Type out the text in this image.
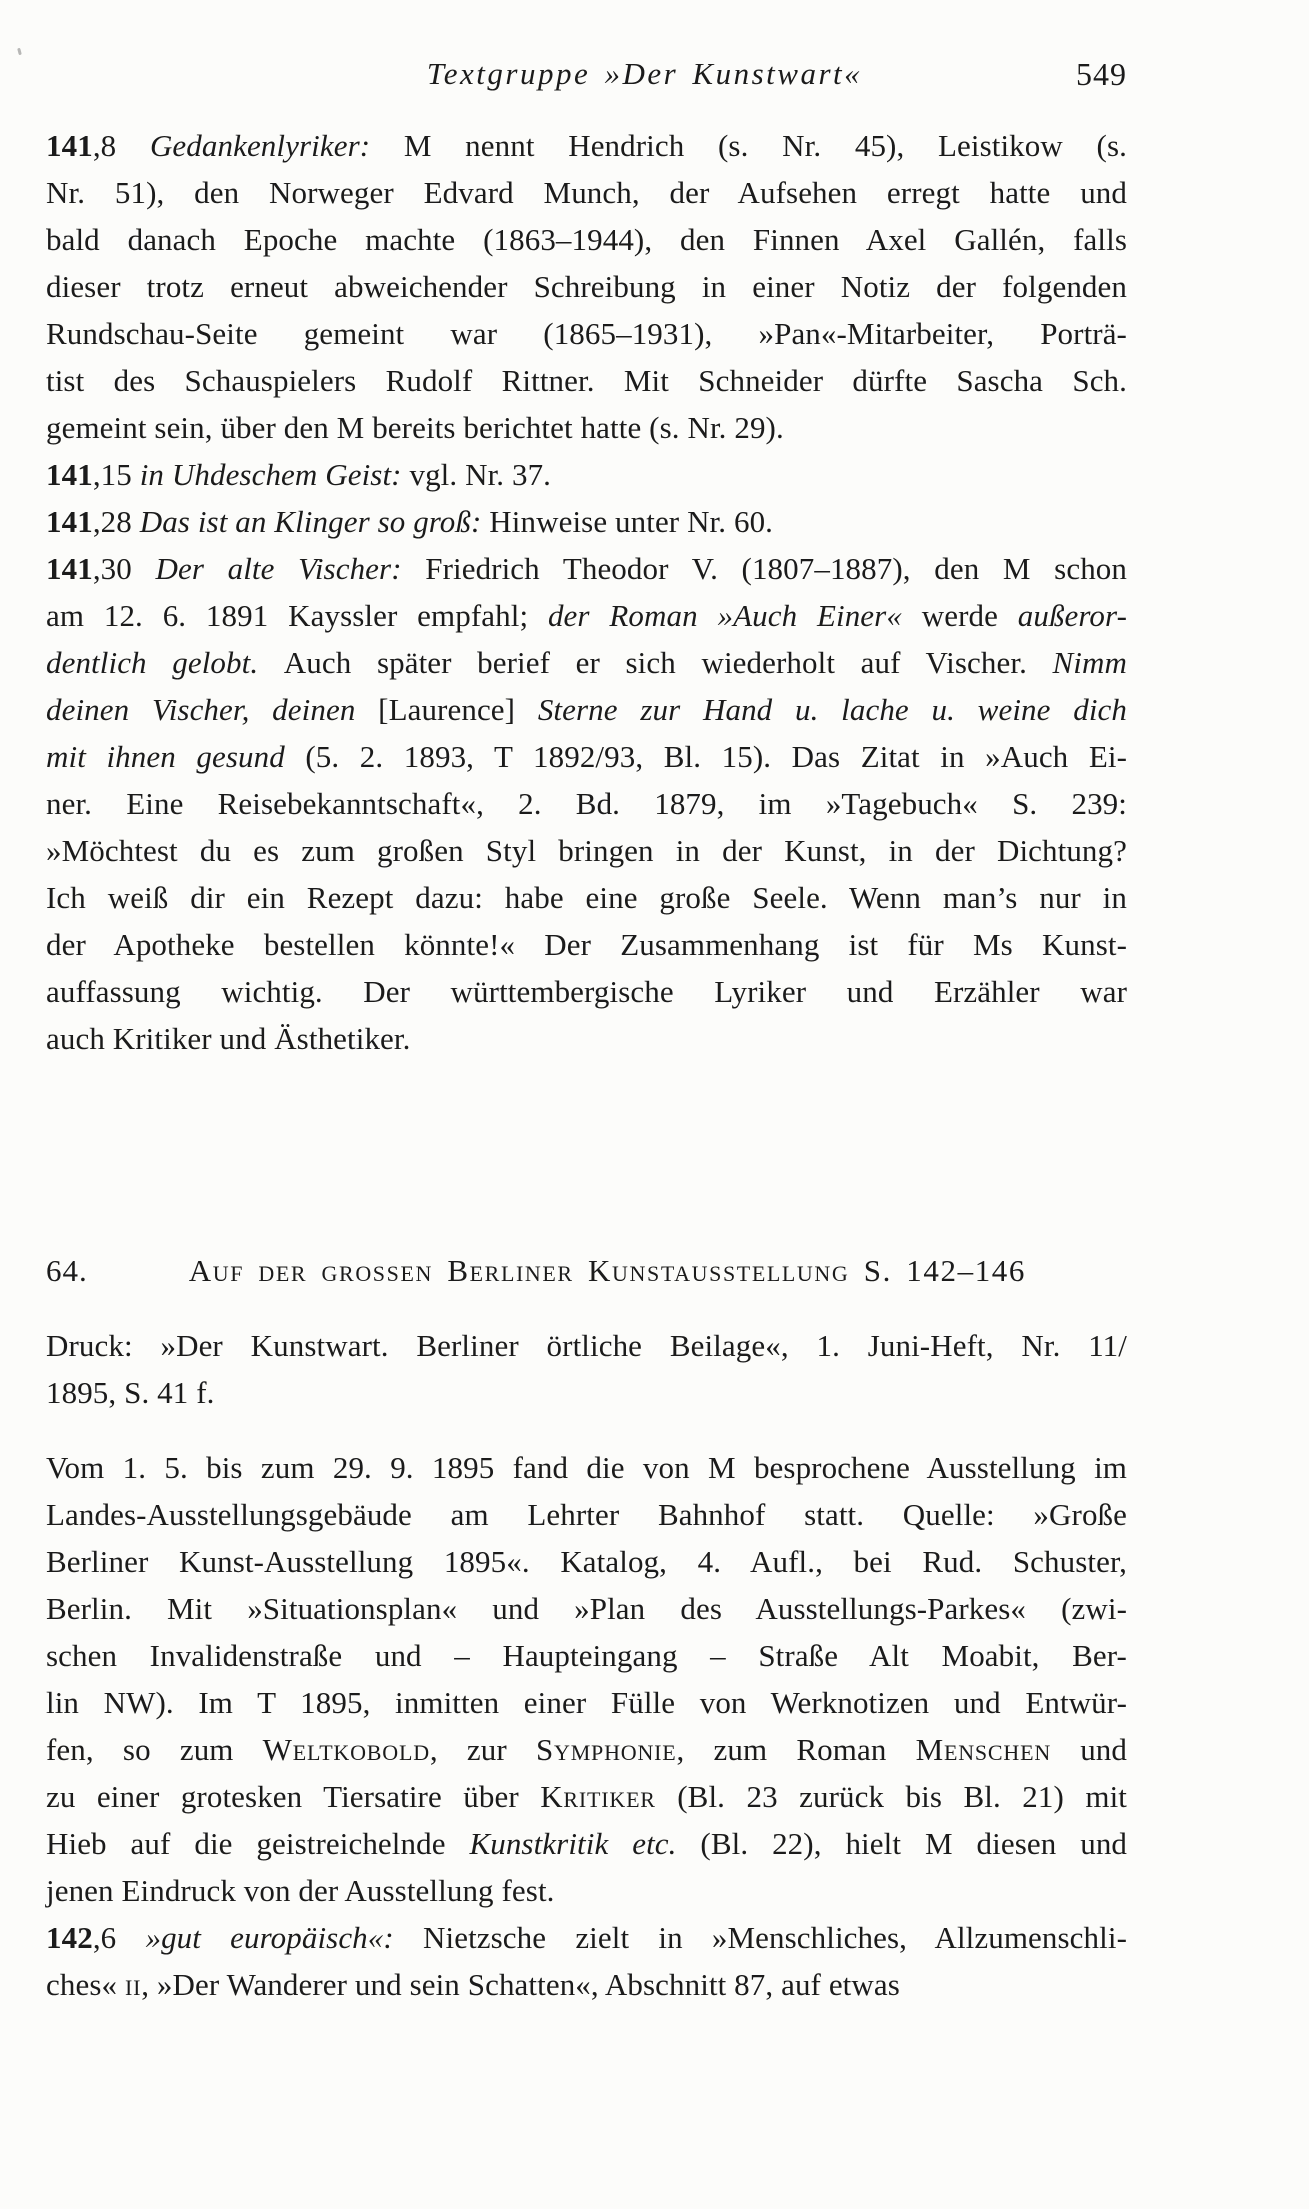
Textgruppe »Der Kunstwart«	549
141,8 Gedankenlyriker: M nennt Hendrich (s. Nr. 45), Leistikow (s.
Nr. 51), den Norweger Edvard Munch, der Aufsehen erregt hatte und
bald danach Epoche machte (1863–1944), den Finnen Axel Gallén, falls
dieser trotz erneut abweichender Schreibung in einer Notiz der folgenden
Rundschau-Seite gemeint war (1865–1931), »Pan«-Mitarbeiter, Porträ-
tist des Schauspielers Rudolf Rittner. Mit Schneider dürfte Sascha Sch.
gemeint sein, über den M bereits berichtet hatte (s. Nr. 29).
141,15 in Uhdeschem Geist: vgl. Nr. 37.
141,28 Das ist an Klinger so groß: Hinweise unter Nr. 60.
141,30 Der alte Vischer: Friedrich Theodor V. (1807–1887), den M schon
am 12. 6. 1891 Kayssler empfahl; der Roman »Auch Einer« werde außeror-
dentlich gelobt. Auch später berief er sich wiederholt auf Vischer. Nimm
deinen Vischer, deinen [Laurence] Sterne zur Hand u. lache u. weine dich
mit ihnen gesund (5. 2. 1893, T 1892/93, Bl. 15). Das Zitat in »Auch Ei-
ner. Eine Reisebekanntschaft«, 2. Bd. 1879, im »Tagebuch« S. 239:
»Möchtest du es zum großen Styl bringen in der Kunst, in der Dichtung?
Ich weiß dir ein Rezept dazu: habe eine große Seele. Wenn man’s nur in
der Apotheke bestellen könnte!« Der Zusammenhang ist für Ms Kunst-
auffassung wichtig. Der württembergische Lyriker und Erzähler war
auch Kritiker und Ästhetiker.
64.	Auf der grossen Berliner Kunstausstellung S. 142–146
Druck: »Der Kunstwart. Berliner örtliche Beilage«, 1. Juni-Heft, Nr. 11/
1895, S. 41 f.
Vom 1. 5. bis zum 29. 9. 1895 fand die von M besprochene Ausstellung im
Landes-Ausstellungsgebäude am Lehrter Bahnhof statt. Quelle: »Große
Berliner Kunst-Ausstellung 1895«. Katalog, 4. Aufl., bei Rud. Schuster,
Berlin. Mit »Situationsplan« und »Plan des Ausstellungs-Parkes« (zwi-
schen Invalidenstraße und – Haupteingang – Straße Alt Moabit, Ber-
lin NW). Im T 1895, inmitten einer Fülle von Werknotizen und Entwür-
fen, so zum Weltkobold, zur Symphonie, zum Roman Menschen und
zu einer grotesken Tiersatire über Kritiker (Bl. 23 zurück bis Bl. 21) mit
Hieb auf die geistreichelnde Kunstkritik etc. (Bl. 22), hielt M diesen und
jenen Eindruck von der Ausstellung fest.
142,6 »gut europäisch«: Nietzsche zielt in »Menschliches, Allzumenschli-
ches« ii, »Der Wanderer und sein Schatten«, Abschnitt 87, auf etwas
